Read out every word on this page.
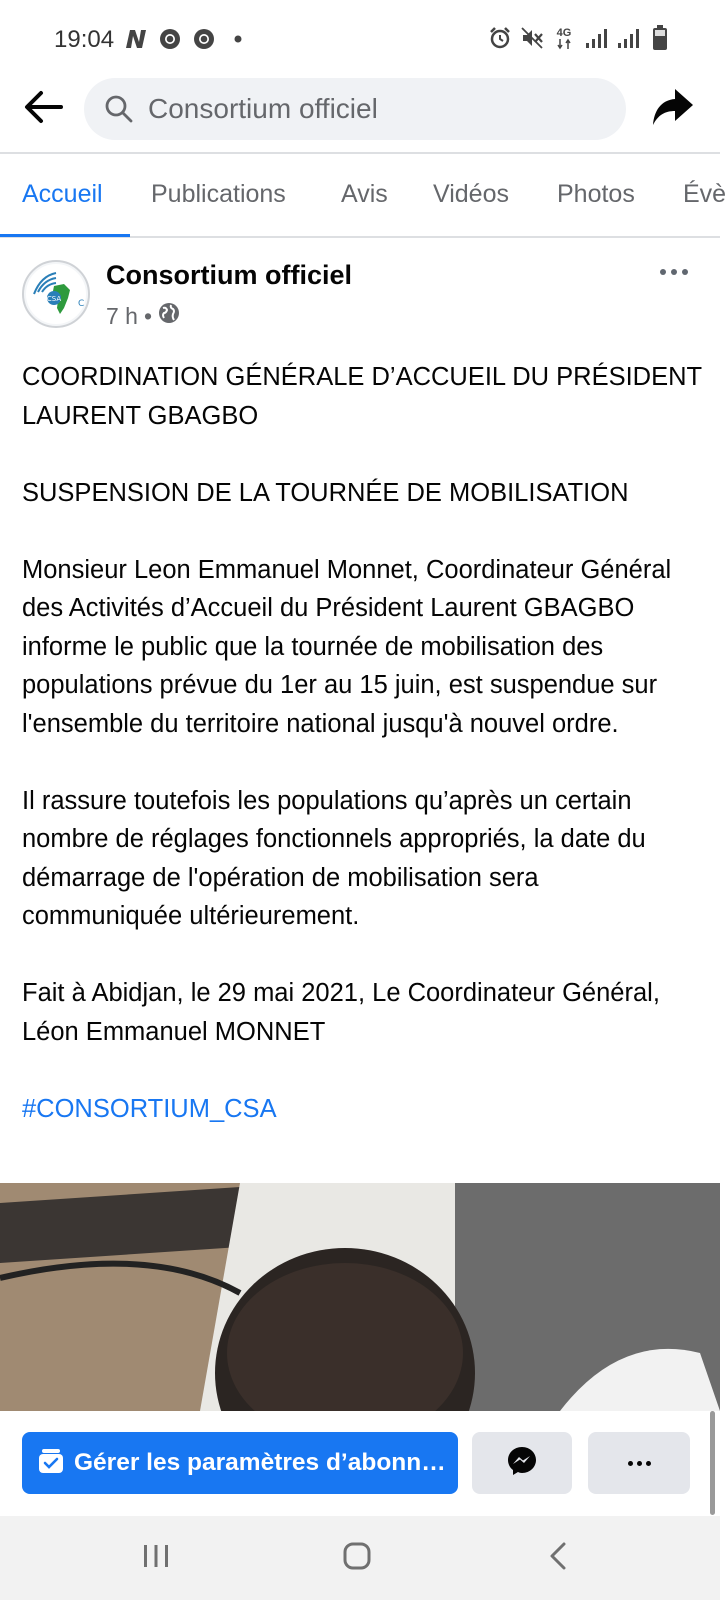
19:04	4G
Consortium officiel
Accueil Publications Avis Vidéos Photos Évè
CSA C
Consortium officiel
7 h •

COORDINATION GÉNÉRALE D’ACCUEIL DU PRÉSIDENT LAURENT GBAGBO

SUSPENSION DE LA TOURNÉE DE MOBILISATION

Monsieur Leon Emmanuel Monnet, Coordinateur Général des Activités d’Accueil du Président Laurent GBAGBO informe le public que la tournée de mobilisation des populations prévue du 1er au 15 juin, est suspendue sur l'ensemble du territoire national jusqu'à nouvel ordre.

Il rassure toutefois les populations qu’après un certain nombre de réglages fonctionnels appropriés, la date du démarrage de l'opération de mobilisation sera communiquée ultérieurement.

Fait à Abidjan, le 29 mai 2021, Le Coordinateur Général, Léon Emmanuel MONNET

#CONSORTIUM_CSA

Gérer les paramètres d’abonn…
